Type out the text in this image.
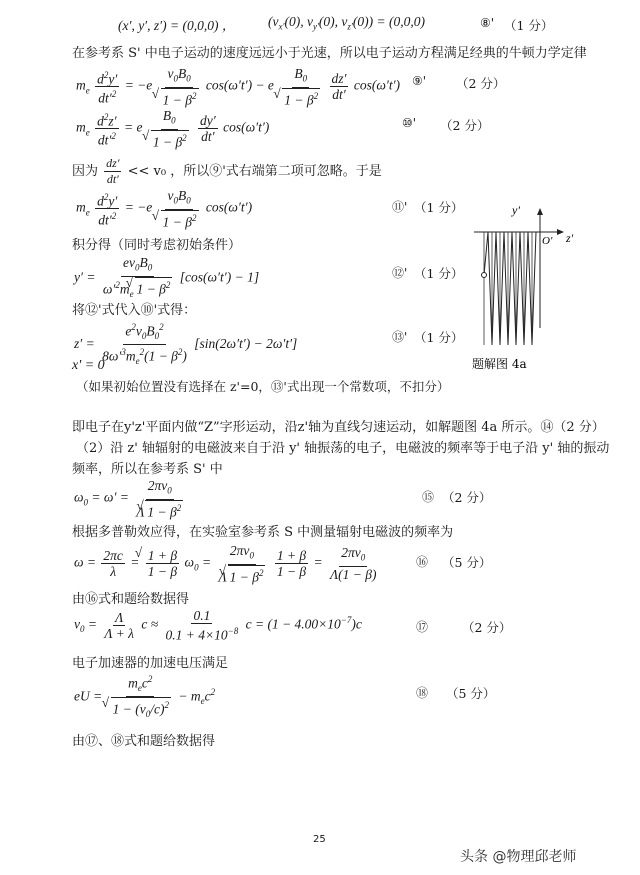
(x′, y′, z′) = (0,0,0) ， ($v_{x'}(0)$, $v_{y'}(0)$, $v_{z'}(0)) = (0,0,0)$	⑧' （1 分）
在参考系 S' 中电子运动的速度远远小于光速，所以电子运动方程满足经典的牛顿力学定律
$m_e \frac{d^2y'}{dt'^2} = -e$ $v_0B_0$
√ $1 - \beta^2$ cos(ω′t′) − e $B_0$
√ $1 - \beta^2$
$\frac{dz'}{dt'} \cos(\omega't')$ ⑨' （2 分）
$m_e \frac{d^2z'}{dt'^2} = e$ $B_0$
√ $1 - \beta^2$
$\frac{dy'}{dt'} \cos(\omega't')$	⑩' （2 分）
因为 $\frac{dz'}{dt'} << v_0$ ，所以⑨'式右端第二项可忽略。于是
$m_e \frac{d^2y'}{dt'^2} = -e$ $v_0B_0$
√ $1 - \beta^2$ cos(ω′t′)	⑪' （1 分）
积分得（同时考虑初始条件）
$y' = \frac{ev_0B_0}{\omega'^2m_e √ 1 - \beta^2} [\cos(\omega't') - 1]$	⑫' （1 分）
将⑫'式代入⑩'式得：
$z' = \frac{e^2v_0B_0^2}{8\omega'^3m_e^2(1 - \beta^2)} [\sin(2\omega't') - 2\omega't']$	⑬' （1 分）
x' = 0
（如果初始位置没有选择在 z'=0，⑬'式出现一个常数项，不扣分）
y'
O' z'
题解图 4a
即电子在y'z'平面内做“Z”字形运动，沿z'轴为直线匀速运动，如解题图 4a 所示。⑭（2 分）
（2）沿 z' 轴辐射的电磁波来自于沿 y' 轴振荡的电子，电磁波的频率等于电子沿 y' 轴的振动
频率，所以在参考系 S' 中
$\omega_0 = \omega' = \frac{2\pi v_0}{\Lambda √ 1 - \beta^2}$	⑮ （2 分）
根据多普勒效应得，在实验室参考系 S 中测量辐射电磁波的频率为
$\omega = \frac{2\pi c}{\lambda}$ = √ $\frac{1 + \beta}{1 - \beta} \omega_0 = \frac{2\pi v_0}{\Lambda √ 1 - \beta^2}$
$\frac{1 + \beta}{1 - \beta} = \frac{2\pi v_0}{\Lambda(1 - \beta)}$	⑯ （5 分）
由⑯式和题给数据得
$v_0 = \frac{\Lambda}{\Lambda + \lambda}$ $c \approx \frac{0.1}{0.1 + 4\times 10^{-8}}$ $c = (1 - 4.00\times 10^{-7})c$	⑰	（2 分）
电子加速器的加速电压满足
eU = $m_ec^2$
√ $1 - (v_0/c)^2 - m_ec^2$	⑱ （5 分）
由⑰、⑱式和题给数据得
25
头条 @物理邱老师
